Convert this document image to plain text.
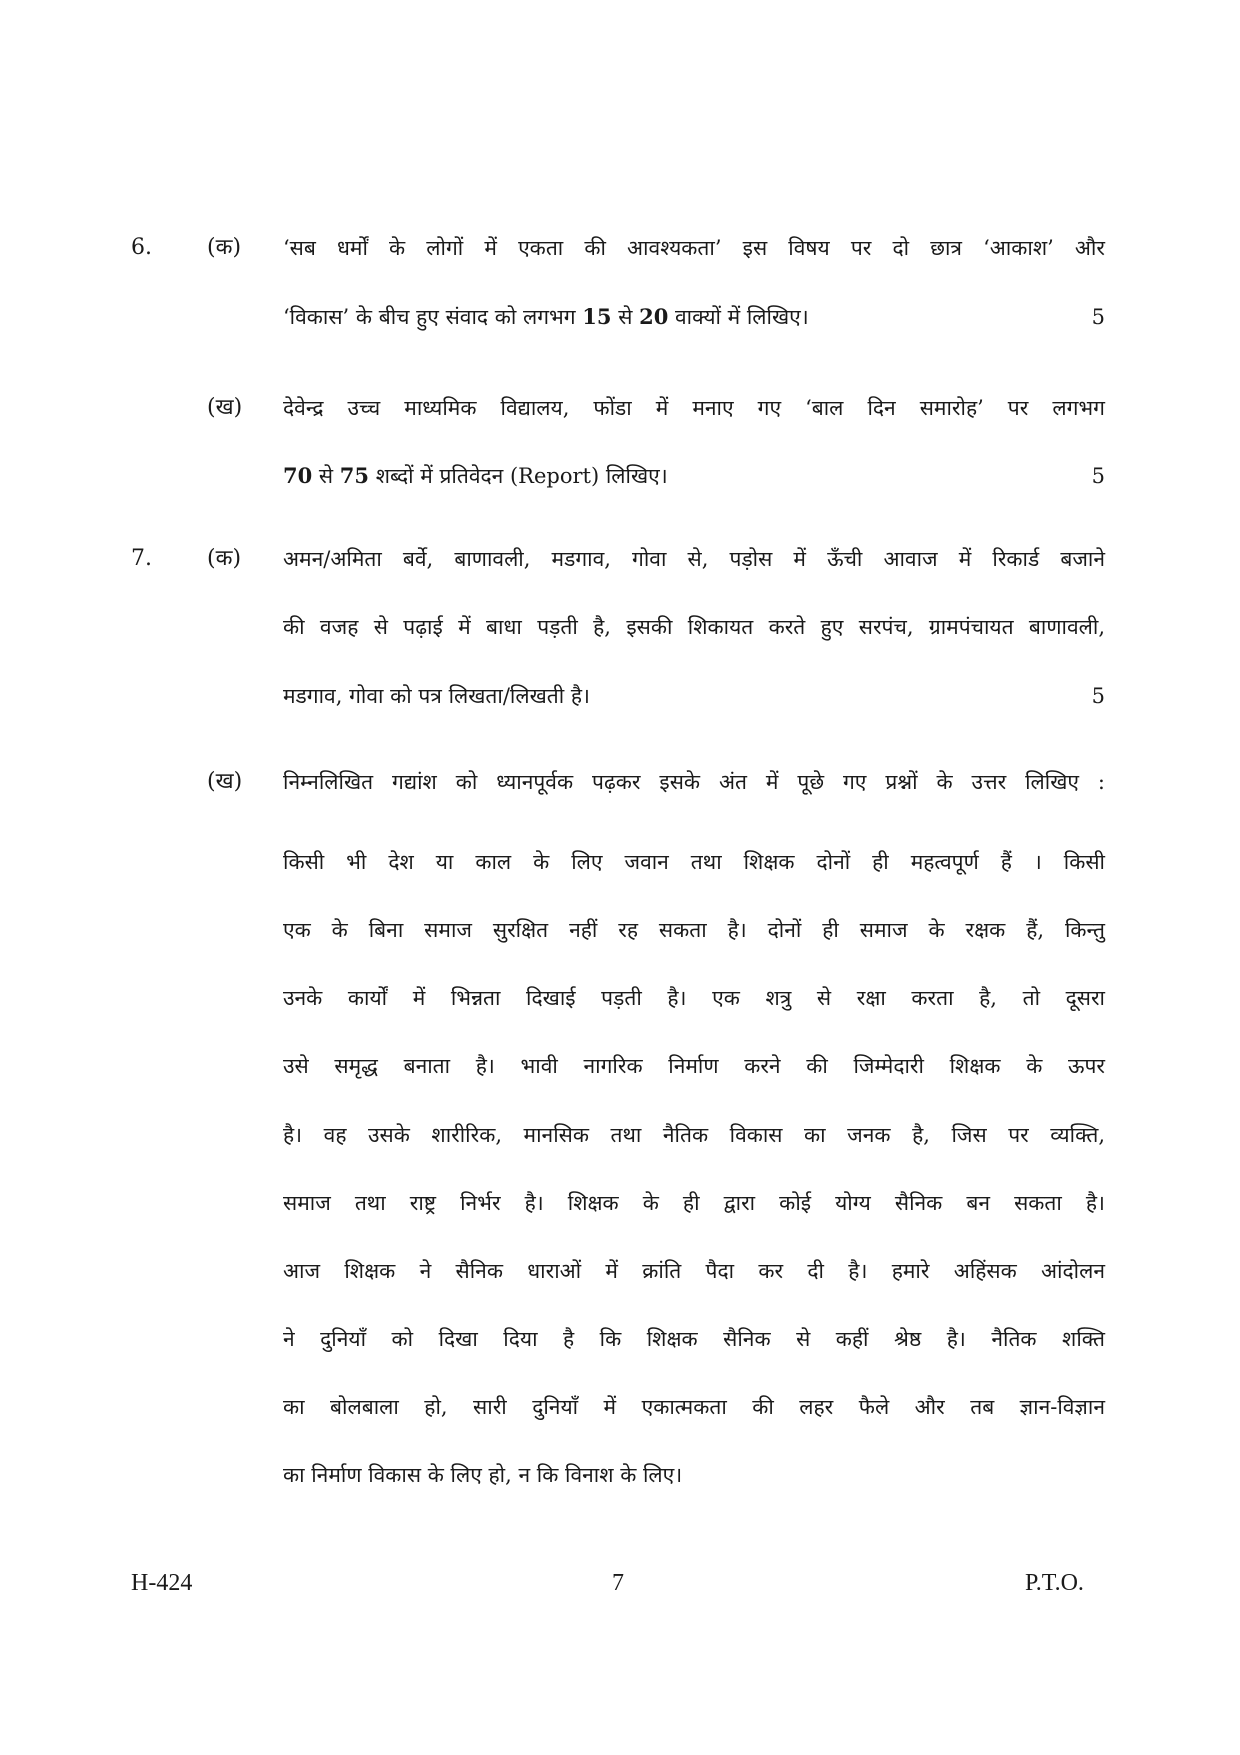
6.	(क) ‘सब धर्मों के लोगों में एकता की आवश्यकता’ इस विषय पर दो छात्र ‘आकाश’ और
‘विकास’ के बीच हुए संवाद को लगभग 15 से 20 वाक्यों में लिखिए।	5
(ख) देवेन्द्र उच्च माध्यमिक विद्यालय, फोंडा में मनाए गए ‘बाल दिन समारोह’ पर लगभग
70 से 75 शब्दों में प्रतिवेदन (Report) लिखिए।	5
7.	(क) अमन/अमिता बर्वे, बाणावली, मडगाव, गोवा से, पड़ोस में ऊँची आवाज में रिकार्ड बजाने
की वजह से पढ़ाई में बाधा पड़ती है, इसकी शिकायत करते हुए सरपंच, ग्रामपंचायत बाणावली,
मडगाव, गोवा को पत्र लिखता/लिखती है।	5
(ख) निम्नलिखित गद्यांश को ध्यानपूर्वक पढ़कर इसके अंत में पूछे गए प्रश्नों के उत्तर लिखिए :
किसी भी देश या काल के लिए जवान तथा शिक्षक दोनों ही महत्वपूर्ण हैं । किसी
एक के बिना समाज सुरक्षित नहीं रह सकता है। दोनों ही समाज के रक्षक हैं, किन्तु
उनके कार्यों में भिन्नता दिखाई पड़ती है। एक शत्रु से रक्षा करता है, तो दूसरा
उसे समृद्ध बनाता है। भावी नागरिक निर्माण करने की जिम्मेदारी शिक्षक के ऊपर
है। वह उसके शारीरिक, मानसिक तथा नैतिक विकास का जनक है, जिस पर व्यक्ति,
समाज तथा राष्ट्र निर्भर है। शिक्षक के ही द्वारा कोई योग्य सैनिक बन सकता है।
आज शिक्षक ने सैनिक धाराओं में क्रांति पैदा कर दी है। हमारे अहिंसक आंदोलन
ने दुनियाँ को दिखा दिया है कि शिक्षक सैनिक से कहीं श्रेष्ठ है। नैतिक शक्ति
का बोलबाला हो, सारी दुनियाँ में एकात्मकता की लहर फैले और तब ज्ञान-विज्ञान
का निर्माण विकास के लिए हो, न कि विनाश के लिए।
H-424	7	P.T.O.
